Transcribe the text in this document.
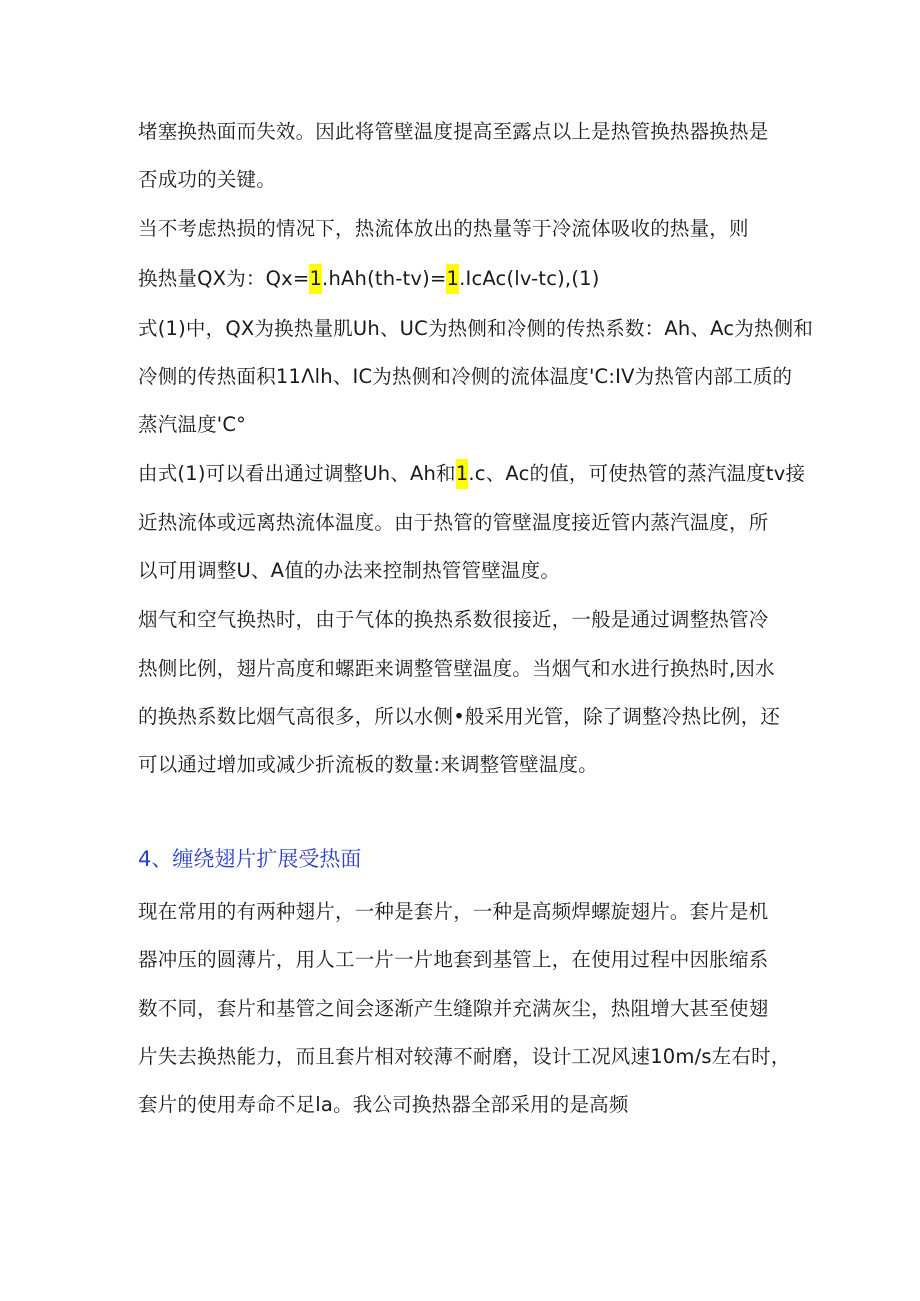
堵塞换热面而失效。因此将管壁温度提高至露点以上是热管换热器换热是
否成功的关键。
当不考虑热损的情况下，热流体放出的热量等于冷流体吸收的热量，则
换热量QX为：Qx=1.hAh(th-tv)=1.IcAc(lv-tc),(1)
式(1)中，QX为换热量肌Uh、UC为热侧和冷侧的传热系数：Ah、Ac为热侧和
冷侧的传热面积11Λlh、IC为热侧和冷侧的流体温度'C:IV为热管内部工质的
蒸汽温度'C°
由式(1)可以看出通过调整Uh、Ah和1.c、Ac的值，可使热管的蒸汽温度tv接
近热流体或远离热流体温度。由于热管的管壁温度接近管内蒸汽温度，所
以可用调整U、A值的办法来控制热管管壁温度。
烟气和空气换热时，由于气体的换热系数很接近，一般是通过调整热管冷
热侧比例，翅片高度和螺距来调整管壁温度。当烟气和水进行换热时,因水
的换热系数比烟气高很多，所以水侧•般采用光管，除了调整冷热比例，还
可以通过增加或减少折流板的数量:来调整管壁温度。
4、缠绕翅片扩展受热面
现在常用的有两种翅片，一种是套片，一种是高频焊螺旋翅片。套片是机
器冲压的圆薄片，用人工一片一片地套到基管上，在使用过程中因胀缩系
数不同，套片和基管之间会逐渐产生缝隙并充满灰尘，热阻增大甚至使翅
片失去换热能力，而且套片相对较薄不耐磨，设计工况风速10m/s左右时，
套片的使用寿命不足la。我公司换热器全部采用的是高频
